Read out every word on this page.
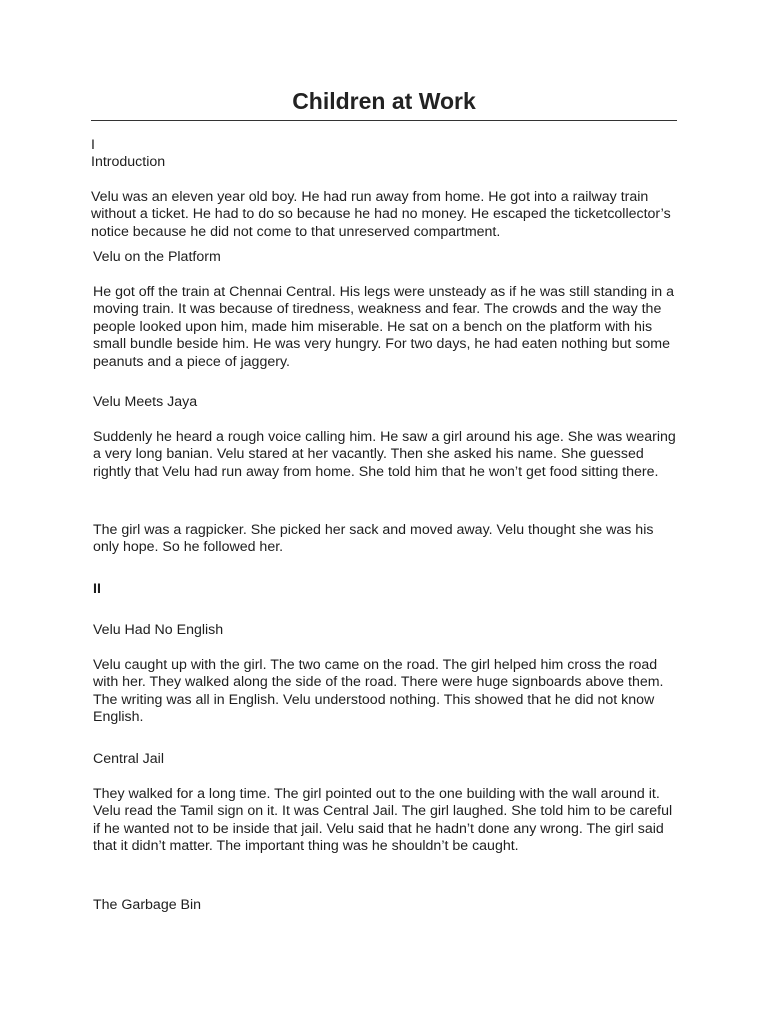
Children at Work

I

Introduction

Velu was an eleven year old boy. He had run away from home. He got into a railway train without a ticket. He had to do so because he had no money. He escaped the ticketcollector’s notice because he did not come to that unreserved compartment.

Velu on the Platform

He got off the train at Chennai Central. His legs were unsteady as if he was still standing in a moving train. It was because of tiredness, weakness and fear. The crowds and the way the people looked upon him, made him miserable. He sat on a bench on the platform with his small bundle beside him. He was very hungry. For two days, he had eaten nothing but some peanuts and a piece of jaggery.

Velu Meets Jaya

Suddenly he heard a rough voice calling him. He saw a girl around his age. She was wearing a very long banian. Velu stared at her vacantly. Then she asked his name. She guessed rightly that Velu had run away from home. She told him that he won’t get food sitting there.

The girl was a ragpicker. She picked her sack and moved away. Velu thought she was his only hope. So he followed her.

II

Velu Had No English

Velu caught up with the girl. The two came on the road. The girl helped him cross the road with her. They walked along the side of the road. There were huge signboards above them. The writing was all in English. Velu understood nothing. This showed that he did not know English.

Central Jail

They walked for a long time. The girl pointed out to the one building with the wall around it. Velu read the Tamil sign on it. It was Central Jail. The girl laughed. She told him to be careful if he wanted not to be inside that jail. Velu said that he hadn’t done any wrong. The girl said that it didn’t matter. The important thing was he shouldn’t be caught.

The Garbage Bin
